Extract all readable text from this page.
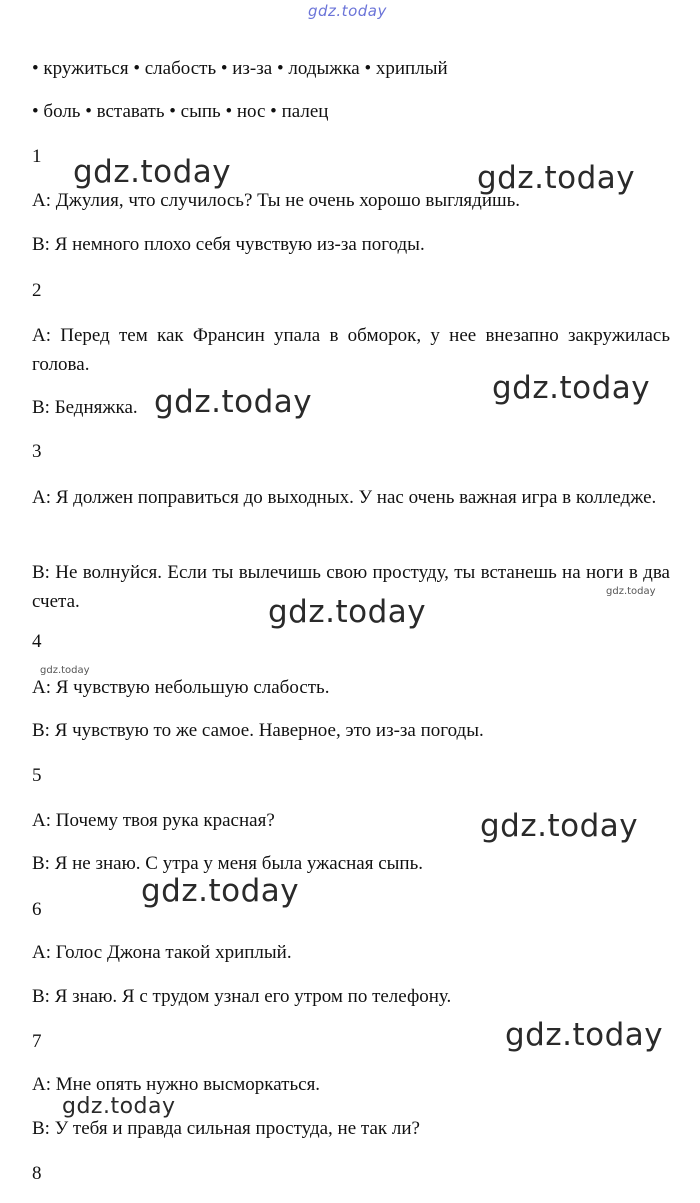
gdz.today
• кружиться • слабость • из-за • лодыжка • хриплый
• боль • вставать • сыпь • нос • палец
1
A: Джулия, что случилось? Ты не очень хорошо выглядишь.
B: Я немного плохо себя чувствую из-за погоды.
2
A: Перед тем как Франсин упала в обморок, у нее внезапно закружилась голова.
B: Бедняжка.
3
A: Я должен поправиться до выходных. У нас очень важная игра в колледже.
B: Не волнуйся. Если ты вылечишь свою простуду, ты встанешь на ноги в два счета.
4
A: Я чувствую небольшую слабость.
B: Я чувствую то же самое. Наверное, это из-за погоды.
5
A: Почему твоя рука красная?
B: Я не знаю. С утра у меня была ужасная сыпь.
6
A: Голос Джона такой хриплый.
B: Я знаю. Я с трудом узнал его утром по телефону.
7
A: Мне опять нужно высморкаться.
B: У тебя и правда сильная простуда, не так ли?
8
gdz.today	gdz.today
gdz.today
gdz.today
gdz.today
gdz.today
gdz.today
gdz.today
gdz.today
gdz.today
gdz.today
